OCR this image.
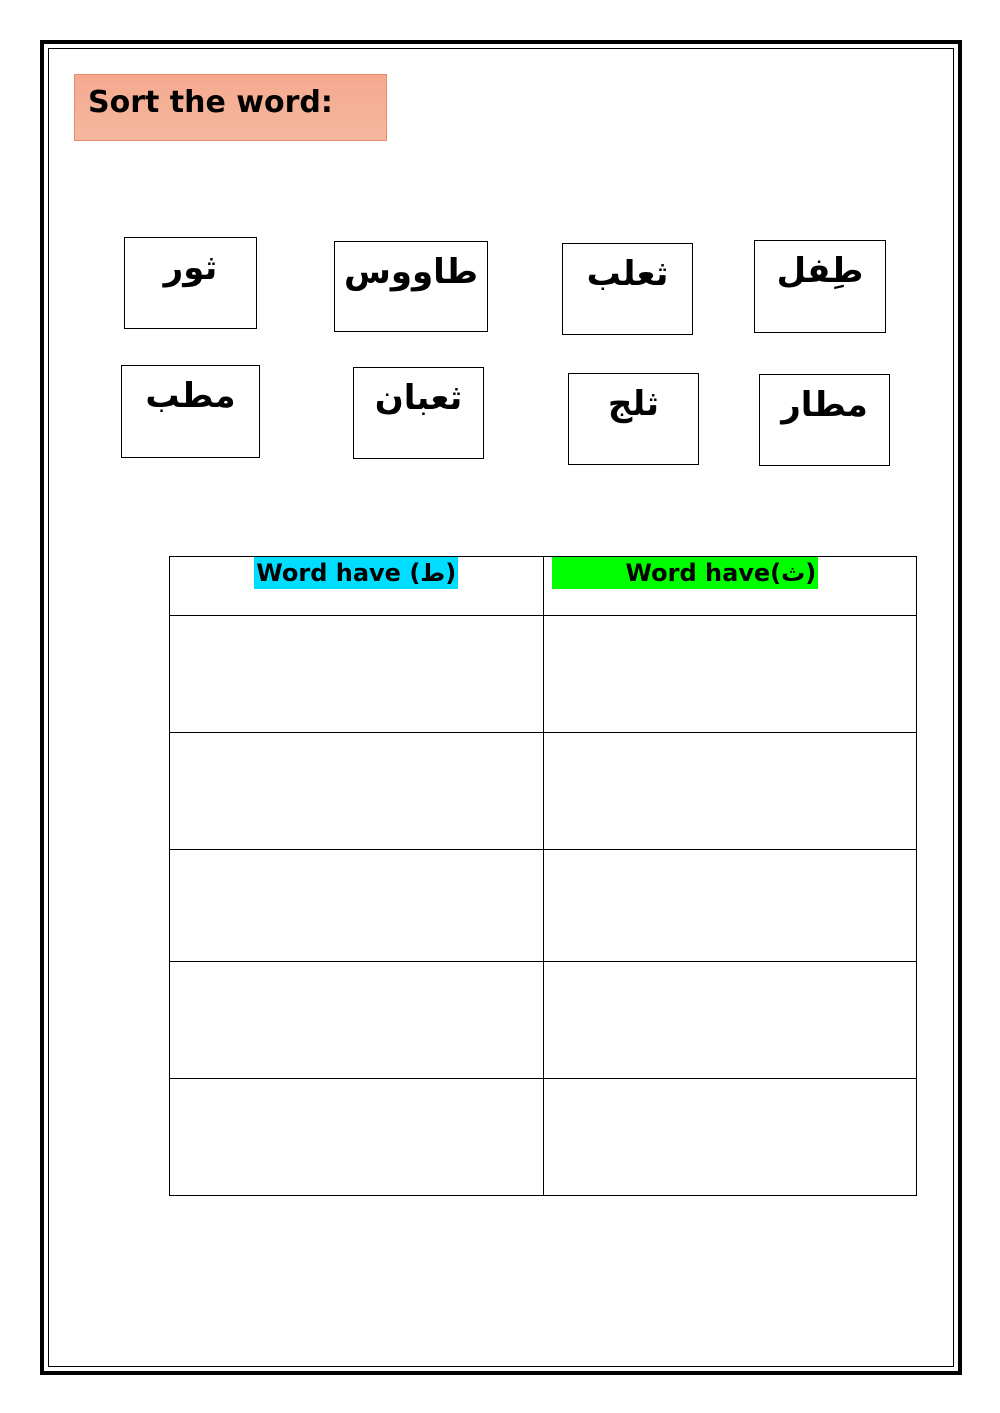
Sort the word:
ثور	طاووس	ثعلب	طِفل
مطب	ثعبان	ثلج	مطار
Word have (ط)	Word have(ث)
